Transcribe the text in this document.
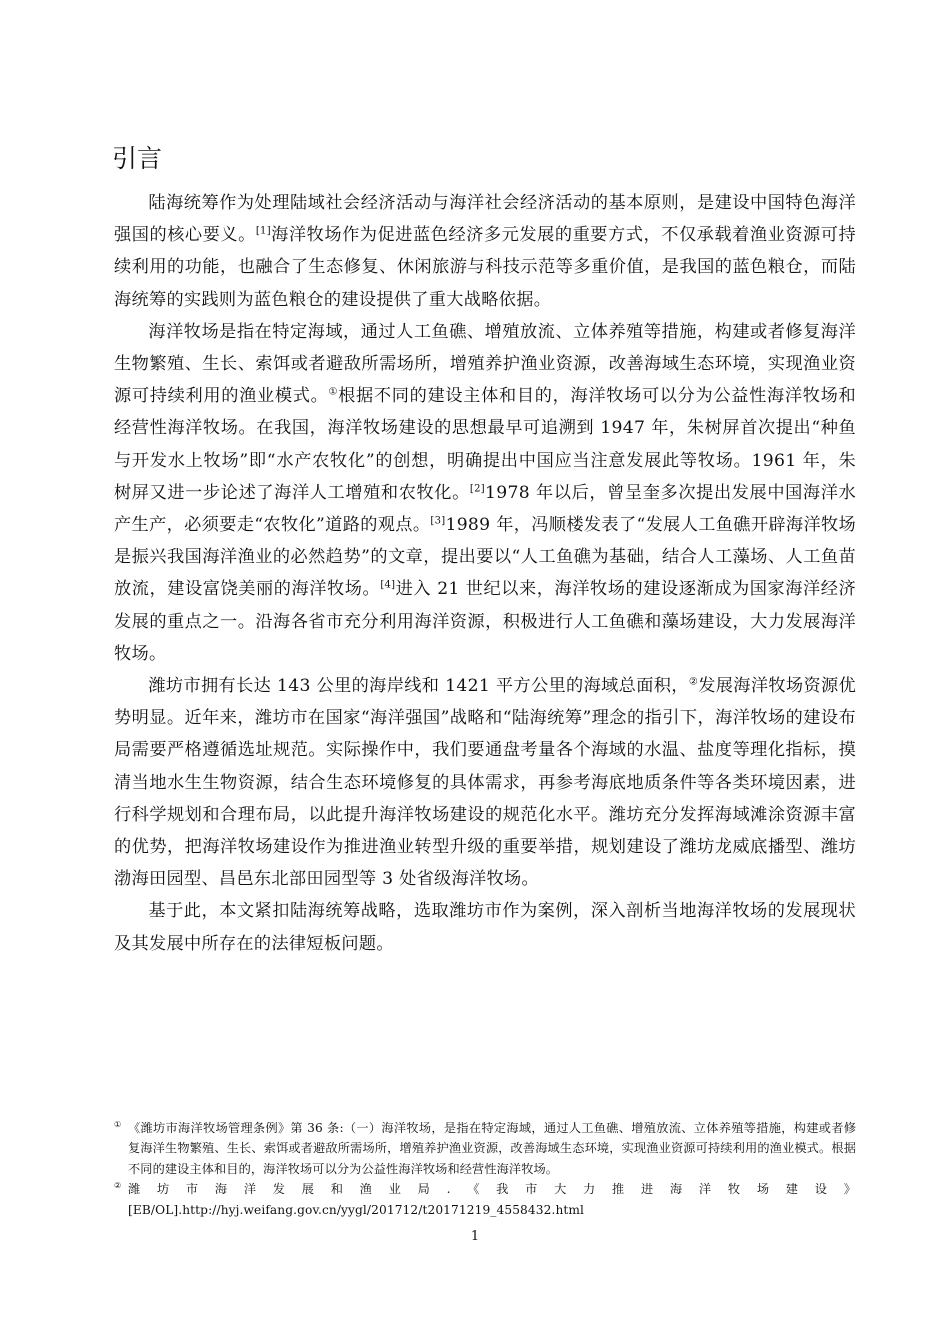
引言

陆海统筹作为处理陆域社会经济活动与海洋社会经济活动的基本原则，是建设中国特色海洋强国的核心要义。[1]海洋牧场作为促进蓝色经济多元发展的重要方式，不仅承载着渔业资源可持续利用的功能，也融合了生态修复、休闲旅游与科技示范等多重价值，是我国的蓝色粮仓，而陆海统筹的实践则为蓝色粮仓的建设提供了重大战略依据。

海洋牧场是指在特定海域，通过人工鱼礁、增殖放流、立体养殖等措施，构建或者修复海洋生物繁殖、生长、索饵或者避敌所需场所，增殖养护渔业资源，改善海域生态环境，实现渔业资源可持续利用的渔业模式。①根据不同的建设主体和目的，海洋牧场可以分为公益性海洋牧场和经营性海洋牧场。在我国，海洋牧场建设的思想最早可追溯到 1947 年，朱树屏首次提出“种鱼与开发水上牧场”即“水产农牧化”的创想，明确提出中国应当注意发展此等牧场。1961 年，朱树屏又进一步论述了海洋人工增殖和农牧化。[2]1978 年以后，曾呈奎多次提出发展中国海洋水产生产，必须要走“农牧化”道路的观点。[3]1989 年，冯顺楼发表了“发展人工鱼礁开辟海洋牧场是振兴我国海洋渔业的必然趋势”的文章，提出要以“人工鱼礁为基础，结合人工藻场、人工鱼苗放流，建设富饶美丽的海洋牧场。[4]进入 21 世纪以来，海洋牧场的建设逐渐成为国家海洋经济发展的重点之一。沿海各省市充分利用海洋资源，积极进行人工鱼礁和藻场建设，大力发展海洋牧场。

潍坊市拥有长达 143 公里的海岸线和 1421 平方公里的海域总面积，②发展海洋牧场资源优势明显。近年来，潍坊市在国家“海洋强国”战略和“陆海统筹”理念的指引下，海洋牧场的建设布局需要严格遵循选址规范。实际操作中，我们要通盘考量各个海域的水温、盐度等理化指标，摸清当地水生生物资源，结合生态环境修复的具体需求，再参考海底地质条件等各类环境因素，进行科学规划和合理布局，以此提升海洋牧场建设的规范化水平。潍坊充分发挥海域滩涂资源丰富的优势，把海洋牧场建设作为推进渔业转型升级的重要举措，规划建设了潍坊龙威底播型、潍坊渤海田园型、昌邑东北部田园型等 3 处省级海洋牧场。

基于此，本文紧扣陆海统筹战略，选取潍坊市作为案例，深入剖析当地海洋牧场的发展现状及其发展中所存在的法律短板问题。

① 《潍坊市海洋牧场管理条例》第 36 条:（一）海洋牧场，是指在特定海域，通过人工鱼礁、增殖放流、立体养殖等措施，构建或者修复海洋生物繁殖、生长、索饵或者避敌所需场所，增殖养护渔业资源，改善海域生态环境，实现渔业资源可持续利用的渔业模式。根据不同的建设主体和目的，海洋牧场可以分为公益性海洋牧场和经营性海洋牧场。

② 潍坊市海洋发展和渔业局.《我市大力推进海洋牧场建设》[EB/OL].http://hyj.weifang.gov.cn/yygl/201712/t20171219_4558432.html

1
